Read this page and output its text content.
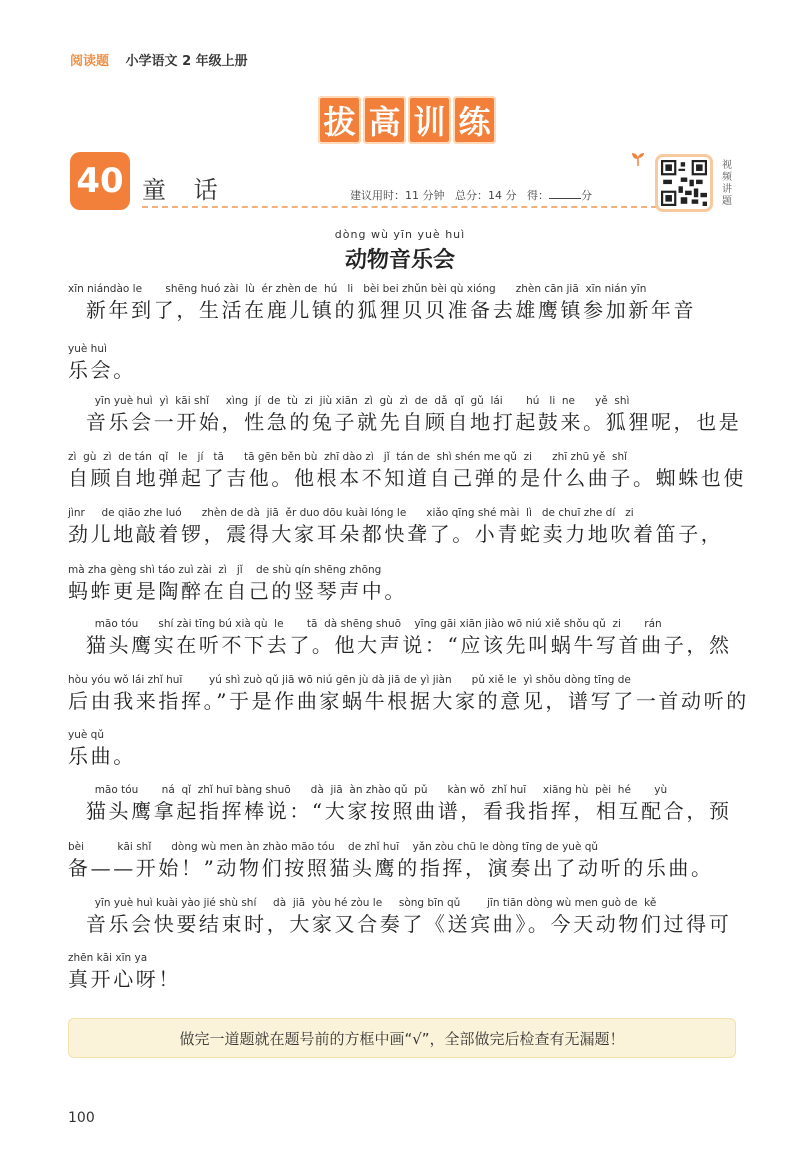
阅读题 小学语文 2 年级上册
拔 高 训 练
40 童 话	建议用时：11 分钟 总分：14 分 得：	分
视频讲题
dòng wù yīn yuè huì
动物音乐会
xīn niándào le       shēng huó zài  lù  ér zhèn de  hú   li   bèi bei zhǔn bèi qù xióng      zhèn cān jiā  xīn nián yīn
新年到了，生活在鹿儿镇的狐狸贝贝准备去雄鹰镇参加新年音
yuè huì
乐会。
yīn yuè huì  yì  kāi shǐ     xìng  jí  de  tù  zi  jiù xiān  zì  gù  zì  de  dǎ  qǐ  gǔ  lái       hú   li  ne      yě  shì
音乐会一开始，性急的兔子就先自顾自地打起鼓来。狐狸呢，也是
zì  gù  zì  de tán  qǐ   le   jí   tā      tā gēn běn bù  zhī dào zì   jǐ  tán de  shì shén me qǔ  zi      zhī zhū yě  shǐ
自顾自地弹起了吉他。他根本不知道自己弹的是什么曲子。蜘蛛也使
jìnr     de qiāo zhe luó      zhèn de dà  jiā  ěr duo dōu kuài lóng le      xiǎo qīng shé mài  lì   de chuī zhe dí   zi
劲儿地敲着锣，震得大家耳朵都快聋了。小青蛇卖力地吹着笛子，
mà zha gèng shì táo zuì zài  zì   jǐ    de shù qín shēng zhōng
蚂蚱更是陶醉在自己的竖琴声中。
māo tóu      shí zài tīng bú xià qù  le       tā  dà shēng shuō    yīng gāi xiān jiào wō niú xiě shǒu qǔ  zi       rán
猫头鹰实在听不下去了。他大声说：“应该先叫蜗牛写首曲子，然
hòu yóu wǒ lái zhǐ huī        yú shì zuò qǔ jiā wō niú gēn jù dà jiā de yì jiàn      pǔ xiě le  yì shǒu dòng tīng de
后由我来指挥。”于是作曲家蜗牛根据大家的意见，谱写了一首动听的
yuè qǔ
乐曲。
māo tóu       ná  qǐ  zhǐ huī bàng shuō      dà  jiā  àn zhào qǔ  pǔ      kàn wǒ  zhǐ huī     xiāng hù  pèi  hé       yù
猫头鹰拿起指挥棒说：“大家按照曲谱，看我指挥，相互配合，预
bèi          kāi shǐ      dòng wù men àn zhào māo tóu    de zhǐ huī    yǎn zòu chū le dòng tīng de yuè qǔ
备——开始！”动物们按照猫头鹰的指挥，演奏出了动听的乐曲。
yīn yuè huì kuài yào jié shù shí     dà  jiā  yòu hé zòu le     sòng bīn qǔ        jīn tiān dòng wù men guò de  kě
音乐会快要结束时，大家又合奏了《送宾曲》。今天动物们过得可
zhēn kāi xīn ya
真开心呀！
做完一道题就在题号前的方框中画“√”，全部做完后检查有无漏题！
100
